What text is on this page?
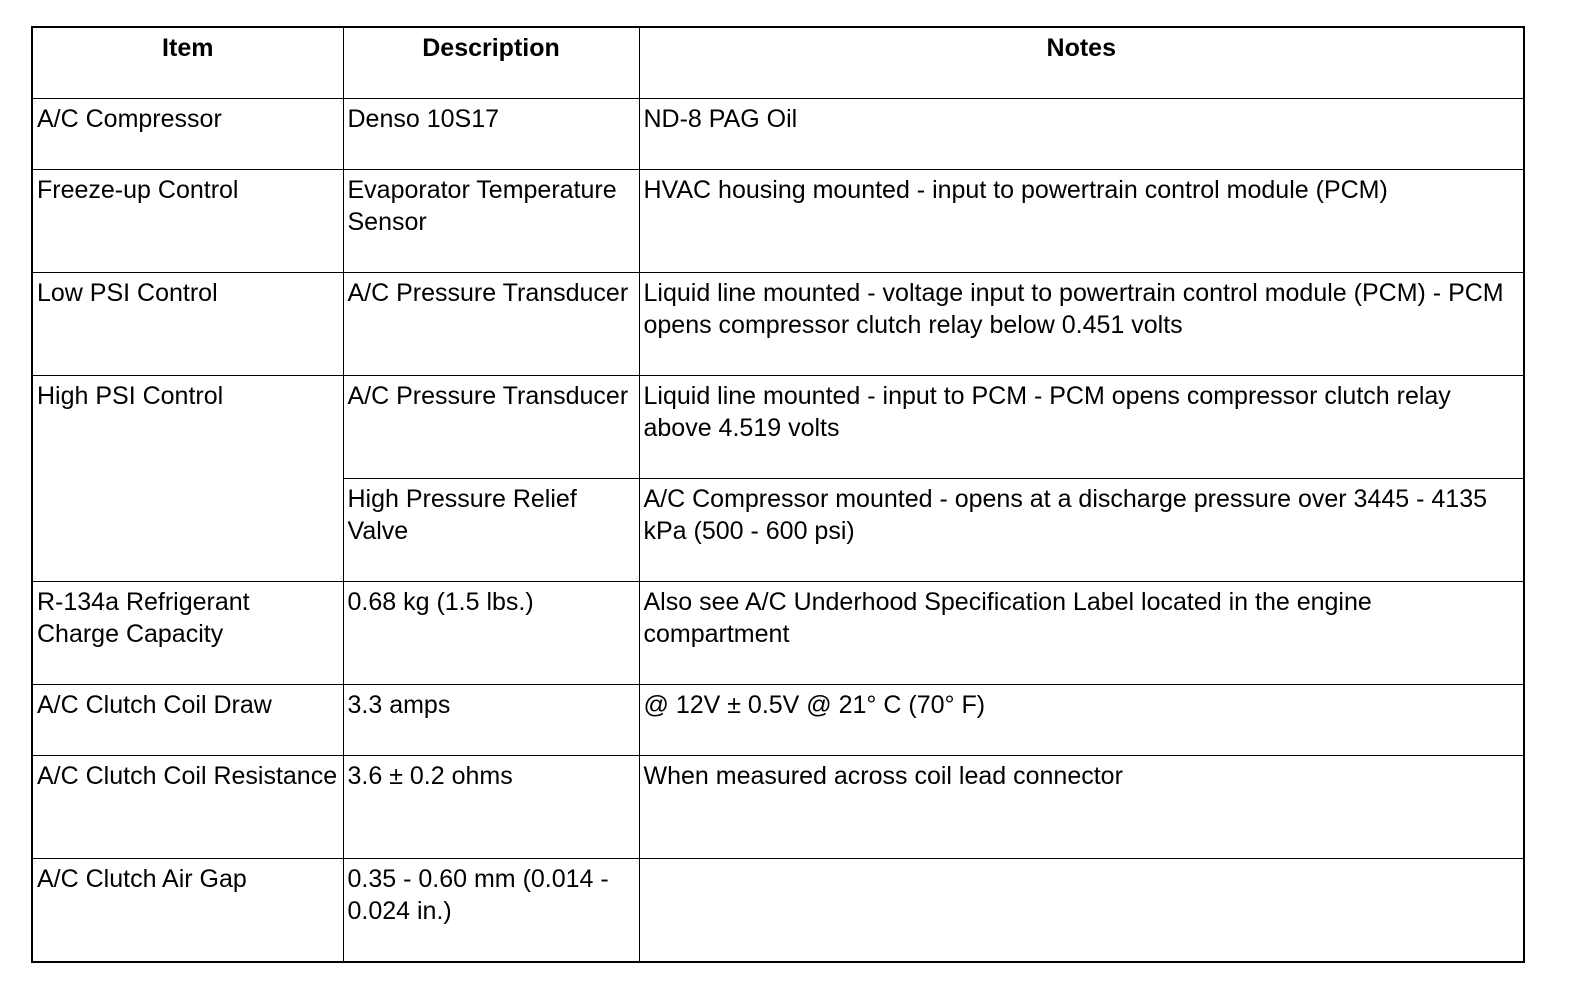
Item	Description	Notes
A/C Compressor	Denso 10S17	ND-8 PAG Oil
Freeze-up Control	Evaporator Temperature Sensor	HVAC housing mounted - input to powertrain control module (PCM)
Low PSI Control	A/C Pressure Transducer	Liquid line mounted - voltage input to powertrain control module (PCM) - PCM opens compressor clutch relay below 0.451 volts
High PSI Control	A/C Pressure Transducer	Liquid line mounted - input to PCM - PCM opens compressor clutch relay above 4.519 volts
	High Pressure Relief Valve	A/C Compressor mounted - opens at a discharge pressure over 3445 - 4135 kPa (500 - 600 psi)
R-134a Refrigerant Charge Capacity	0.68 kg (1.5 lbs.)	Also see A/C Underhood Specification Label located in the engine compartment
A/C Clutch Coil Draw	3.3 amps	@ 12V ± 0.5V @ 21° C (70° F)
A/C Clutch Coil Resistance	3.6 ± 0.2 ohms	When measured across coil lead connector
A/C Clutch Air Gap	0.35 - 0.60 mm (0.014 - 0.024 in.)	
